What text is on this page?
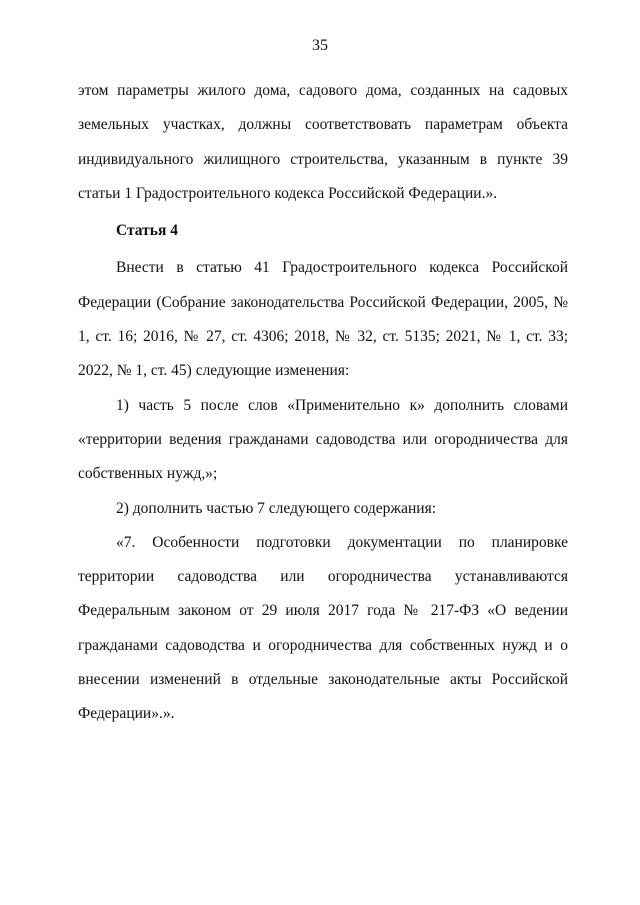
35

этом параметры жилого дома, садового дома, созданных на садовых земельных участках, должны соответствовать параметрам объекта индивидуального жилищного строительства, указанным в пункте 39 статьи 1 Градостроительного кодекса Российской Федерации.».

Статья 4

Внести в статью 41 Градостроительного кодекса Российской Федерации (Собрание законодательства Российской Федерации, 2005, № 1, ст. 16; 2016, № 27, ст. 4306; 2018, № 32, ст. 5135; 2021, № 1, ст. 33; 2022, № 1, ст. 45) следующие изменения:

1) часть 5 после слов «Применительно к» дополнить словами «территории ведения гражданами садоводства или огородничества для собственных нужд,»;

2) дополнить частью 7 следующего содержания:

«7. Особенности подготовки документации по планировке территории садоводства или огородничества устанавливаются Федеральным законом от 29 июля 2017 года № 217-ФЗ «О ведении гражданами садоводства и огородничества для собственных нужд и о внесении изменений в отдельные законодательные акты Российской Федерации».».
